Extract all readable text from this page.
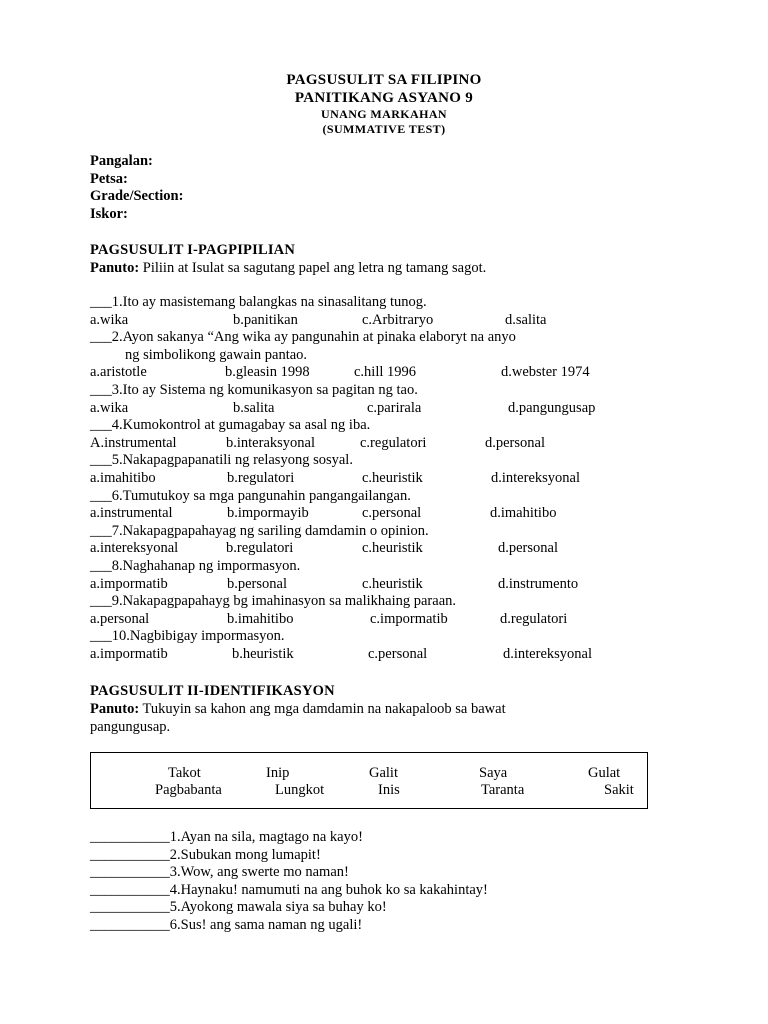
PAGSUSULIT SA FILIPINO
PANITIKANG ASYANO 9
UNANG MARKAHAN
(SUMMATIVE TEST)
Pangalan:
Petsa:
Grade/Section:
Iskor:
PAGSUSULIT I-PAGPIPILIAN
Panuto: Piliin at Isulat sa sagutang papel ang letra ng tamang sagot.
___1.Ito ay masistemang balangkas na sinasalitang tunog.
a.wika	b.panitikan	c.Arbitraryo	d.salita
___2.Ayon sakanya “Ang wika ay pangunahin at pinaka elaboryt na anyo
ng simbolikong gawain pantao.
a.aristotle	b.gleasin 1998	c.hill 1996	d.webster 1974
___3.Ito ay Sistema ng komunikasyon sa pagitan ng tao.
a.wika	b.salita	c.parirala	d.pangungusap
___4.Kumokontrol at gumagabay sa asal ng iba.
A.instrumental	b.interaksyonal	c.regulatori	d.personal
___5.Nakapagpapanatili ng relasyong sosyal.
a.imahitibo	b.regulatori	c.heuristik	d.intereksyonal
___6.Tumutukoy sa mga pangunahin pangangailangan.
a.instrumental	b.impormayib	c.personal	d.imahitibo
___7.Nakapagpapahayag ng sariling damdamin o opinion.
a.intereksyonal	b.regulatori	c.heuristik	d.personal
___8.Naghahanap ng impormasyon.
a.impormatib	b.personal	c.heuristik	d.instrumento
___9.Nakapagpapahayg bg imahinasyon sa malikhaing paraan.
a.personal	b.imahitibo	c.impormatib	d.regulatori
___10.Nagbibigay impormasyon.
a.impormatib	b.heuristik	c.personal	d.intereksyonal
PAGSUSULIT II-IDENTIFIKASYON
Panuto: Tukuyin sa kahon ang mga damdamin na nakapaloob sa bawat
pangungusap.
Takot	Inip	Galit	Saya	Gulat
Pagbabanta	Lungkot	Inis	Taranta	Sakit
___________1.Ayan na sila, magtago na kayo!
___________2.Subukan mong lumapit!
___________3.Wow, ang swerte mo naman!
___________4.Haynaku! namumuti na ang buhok ko sa kakahintay!
___________5.Ayokong mawala siya sa buhay ko!
___________6.Sus! ang sama naman ng ugali!
